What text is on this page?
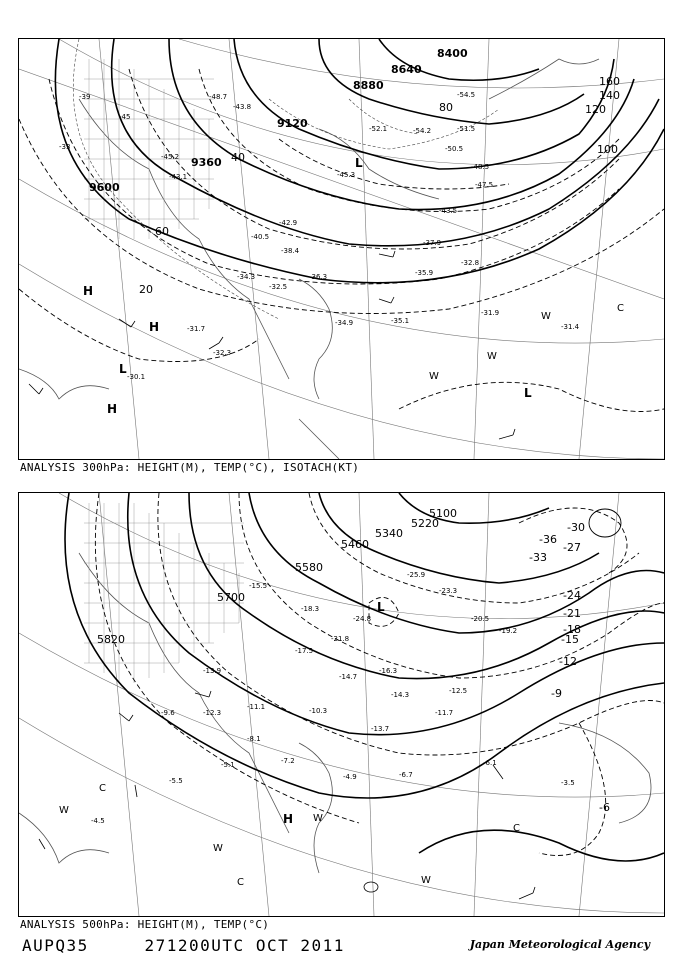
9600
9360
9120
8880
8640
8400
20
40
60
80
100
120
140
160
H
H
H
L
L
L
C
W
W
W
-45.2
-43.1
-40.5
-42.9
-43.5
-48.5
-45.3
-51.5
-54.2
-52.1
-50.5
-47.5
-37.9
-38.4
-35.9
-36.3
-34.3
-32.5
-32.8
-31.7
-30.1
-32.3
-34.9	-35.1
-31.9
-31.4
-54.5
-48.7
-43.8
-45
-39
-33
ANALYSIS 300hPa: HEIGHT(M), TEMP(°C), ISOTACH(KT)
5820
5700
5580
5460
5340
5220
5100
-30
-27
-24
-21
-18
-15
-12
-9
-6
-33
-36
H
L
C
C
C
W
W
W
W
-15.5
-18.3
-20.5
-23.3
-25.9
-24.8
-21.8
-19.2
-17.5
-16.3
-14.7
-13.9
-12.5
-11.7
-10.3
-9.6
-8.1
-7.2
-6.7
-5.5	-4.9
-5.1	-6.1
-4.5
-3.5
-12.3
-14.3
-13.7
-11.1
ANALYSIS 500hPa: HEIGHT(M), TEMP(°C)
AUPQ35	271200UTC OCT 2011	Japan Meteorological Agency
